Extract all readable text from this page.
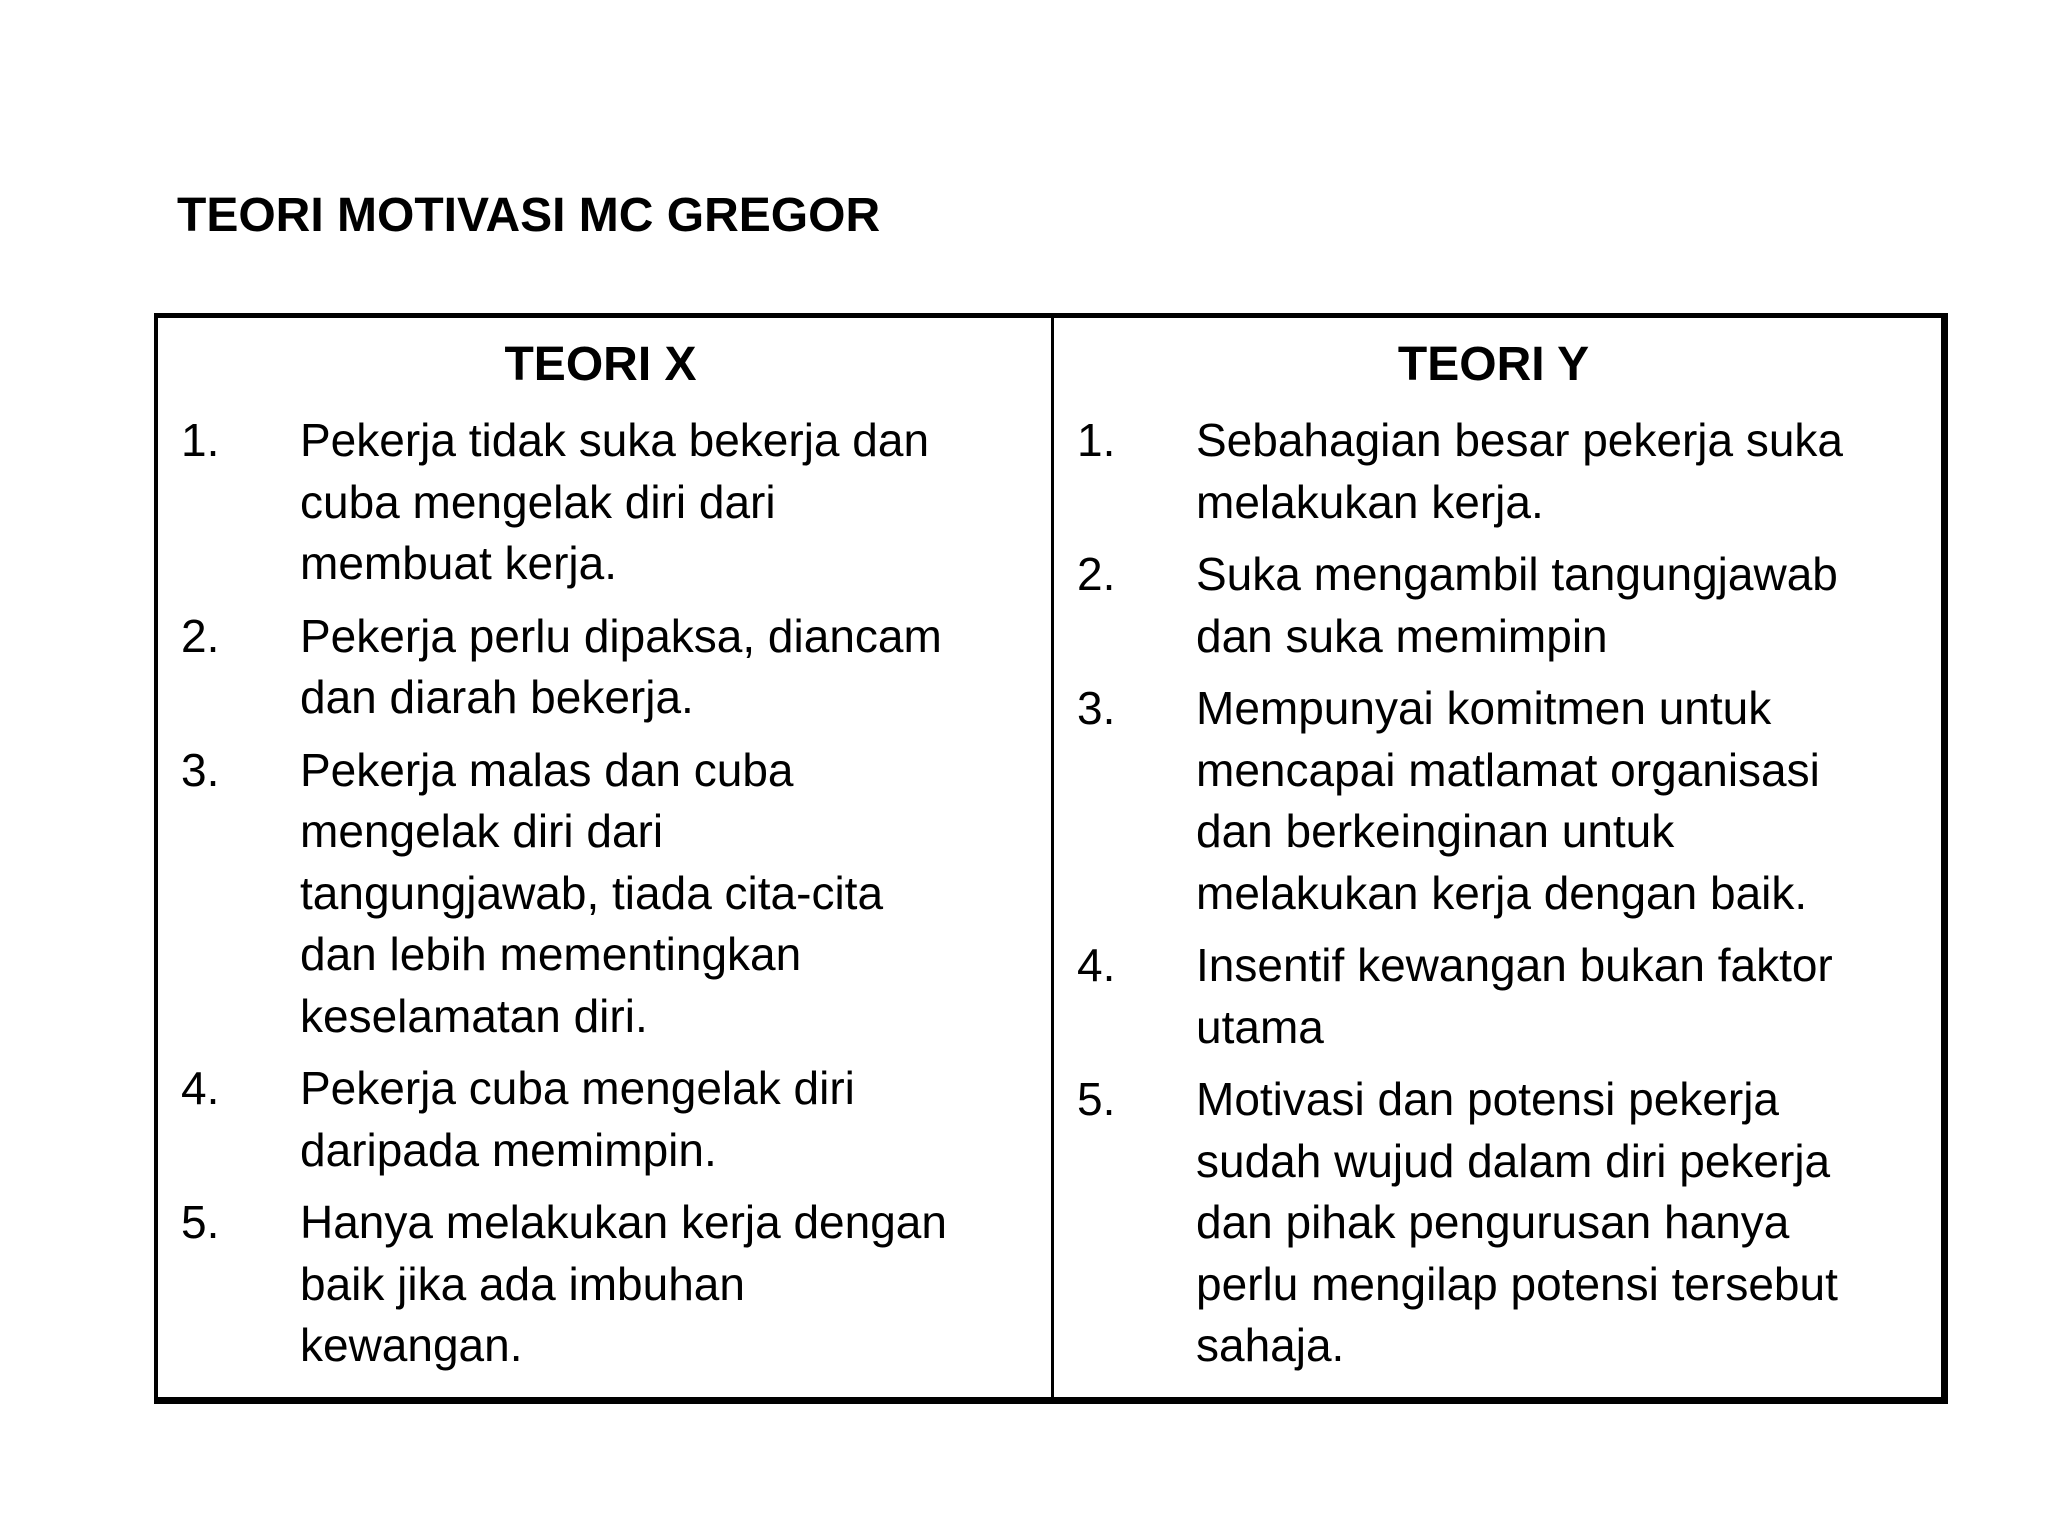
TEORI MOTIVASI MC GREGOR
TEORI X
1. Pekerja tidak suka bekerja dan
cuba mengelak diri dari
membuat kerja.
2. Pekerja perlu dipaksa, diancam
dan diarah bekerja.
3. Pekerja malas dan cuba
mengelak diri dari
tangungjawab, tiada cita-cita
dan lebih mementingkan
keselamatan diri.
4. Pekerja cuba mengelak diri
daripada memimpin.
5. Hanya melakukan kerja dengan
baik jika ada imbuhan
kewangan.
TEORI Y
1. Sebahagian besar pekerja suka
melakukan kerja.
2. Suka mengambil tangungjawab
dan suka memimpin
3. Mempunyai komitmen untuk
mencapai matlamat organisasi
dan berkeinginan untuk
melakukan kerja dengan baik.
4. Insentif kewangan bukan faktor
utama
5. Motivasi dan potensi pekerja
sudah wujud dalam diri pekerja
dan pihak pengurusan hanya
perlu mengilap potensi tersebut
sahaja.
